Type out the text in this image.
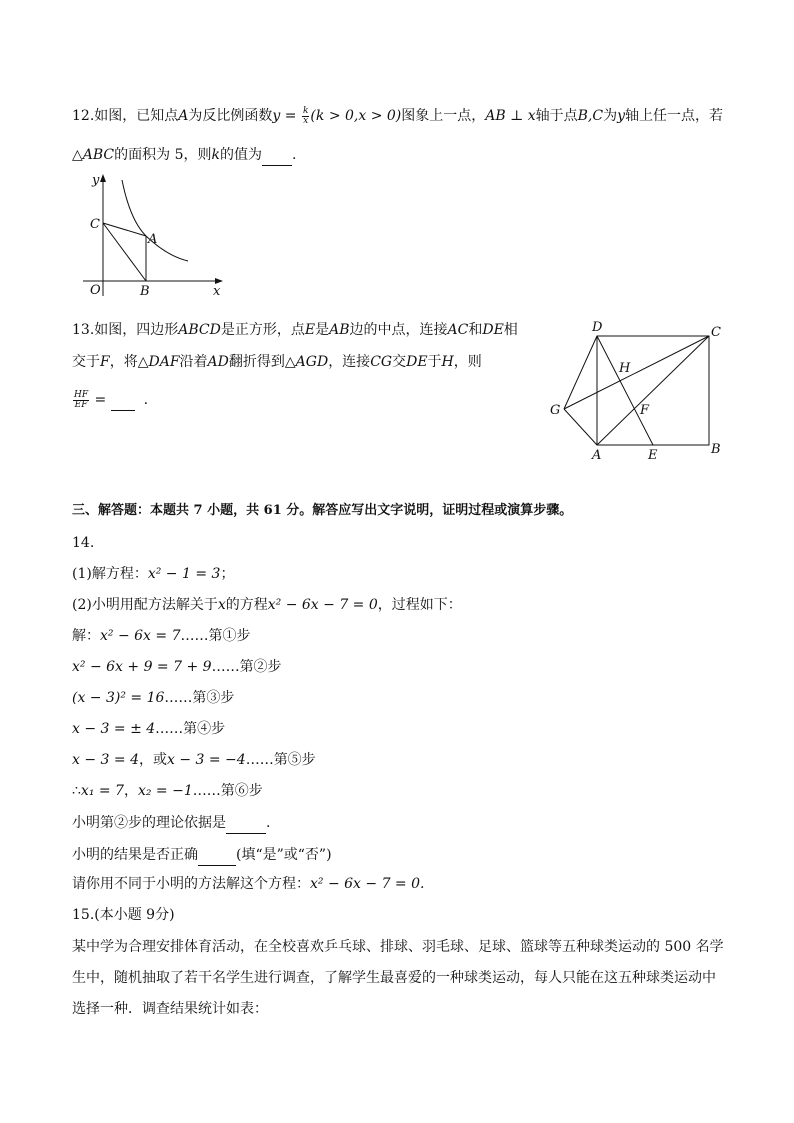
12.如图，已知点A为反比例函数$y = \frac{k}{x} (k > 0,x > 0)$图象上一点，AB ⊥ x轴于点B,C为y轴上任一点，若
△ABC的面积为 5，则k的值为 .
y
x
O	B
C
A
13.如图，四边形ABCD是正方形，点E是AB边的中点，连接AC和DE相
交于F，将△DAF沿着AD翻折得到△AGD，连接CG交DE于H，则
$\frac{HF}{EF}$ =    .
D	C
H
G	F
A	E	B
三、解答题：本题共 7 小题，共 61 分。解答应写出文字说明，证明过程或演算步骤。
14.
(1)解方程：x² − 1 = 3；
(2)小明用配方法解关于x的方程x² − 6x − 7 = 0，过程如下：
解：x² − 6x = 7……第①步
x² − 6x + 9 = 7 + 9……第②步
(x − 3)² = 16……第③步
x − 3 = ± 4……第④步
x − 3 = 4，或x − 3 = −4……第⑤步
∴x₁ = 7，x₂ = −1……第⑥步
小明第②步的理论依据是	.
小明的结果是否正确	(填“是”或“否”)
请你用不同于小明的方法解这个方程：x² − 6x − 7 = 0.
15.(本小题 9分)
某中学为合理安排体育活动，在全校喜欢乒乓球、排球、羽毛球、足球、篮球等五种球类运动的 500 名学
生中，随机抽取了若干名学生进行调查，了解学生最喜爱的一种球类运动，每人只能在这五种球类运动中
选择一种．调查结果统计如表：
